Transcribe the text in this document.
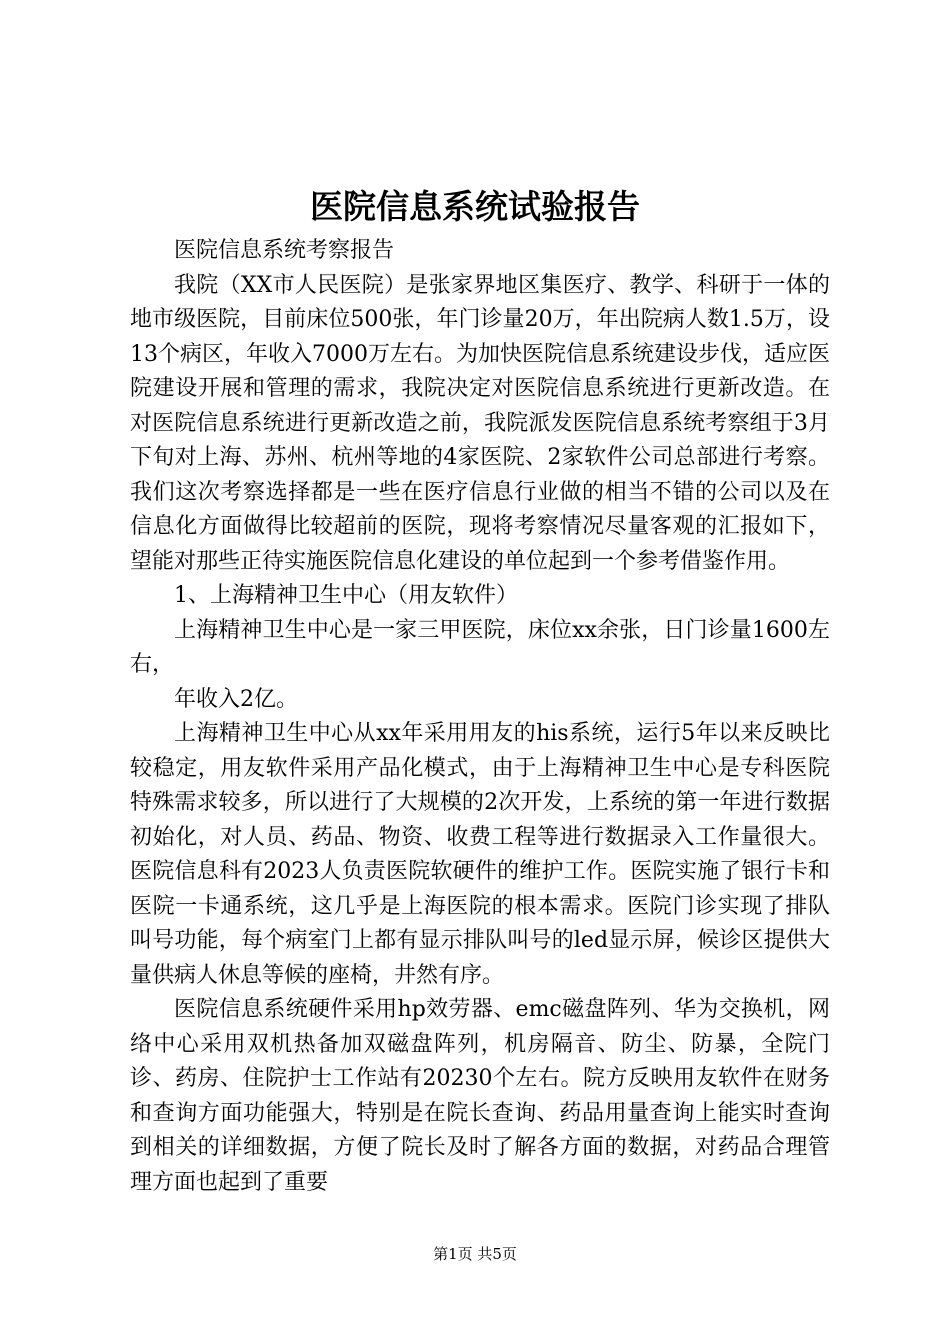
医院信息系统试验报告

医院信息系统考察报告

我院（XX市人民医院）是张家界地区集医疗、教学、科研于一体的地市级医院，目前床位500张，年门诊量20万，年出院病人数1.5万，设13个病区，年收入7000万左右。为加快医院信息系统建设步伐，适应医院建设开展和管理的需求，我院决定对医院信息系统进行更新改造。在对医院信息系统进行更新改造之前，我院派发医院信息系统考察组于3月下旬对上海、苏州、杭州等地的4家医院、2家软件公司总部进行考察。我们这次考察选择都是一些在医疗信息行业做的相当不错的公司以及在信息化方面做得比较超前的医院，现将考察情况尽量客观的汇报如下，望能对那些正待实施医院信息化建设的单位起到一个参考借鉴作用。

1、上海精神卫生中心（用友软件）

上海精神卫生中心是一家三甲医院，床位xx余张，日门诊量1600左右，

年收入2亿。

上海精神卫生中心从xx年采用用友的his系统，运行5年以来反映比较稳定，用友软件采用产品化模式，由于上海精神卫生中心是专科医院特殊需求较多，所以进行了大规模的2次开发，上系统的第一年进行数据初始化，对人员、药品、物资、收费工程等进行数据录入工作量很大。医院信息科有2023人负责医院软硬件的维护工作。医院实施了银行卡和医院一卡通系统，这几乎是上海医院的根本需求。医院门诊实现了排队叫号功能，每个病室门上都有显示排队叫号的led显示屏，候诊区提供大量供病人休息等候的座椅，井然有序。

医院信息系统硬件采用hp效劳器、emc磁盘阵列、华为交换机，网络中心采用双机热备加双磁盘阵列，机房隔音、防尘、防暴，全院门诊、药房、住院护士工作站有20230个左右。院方反映用友软件在财务和查询方面功能强大，特别是在院长查询、药品用量查询上能实时查询到相关的详细数据，方便了院长及时了解各方面的数据，对药品合理管理方面也起到了重要

第1页 共5页
